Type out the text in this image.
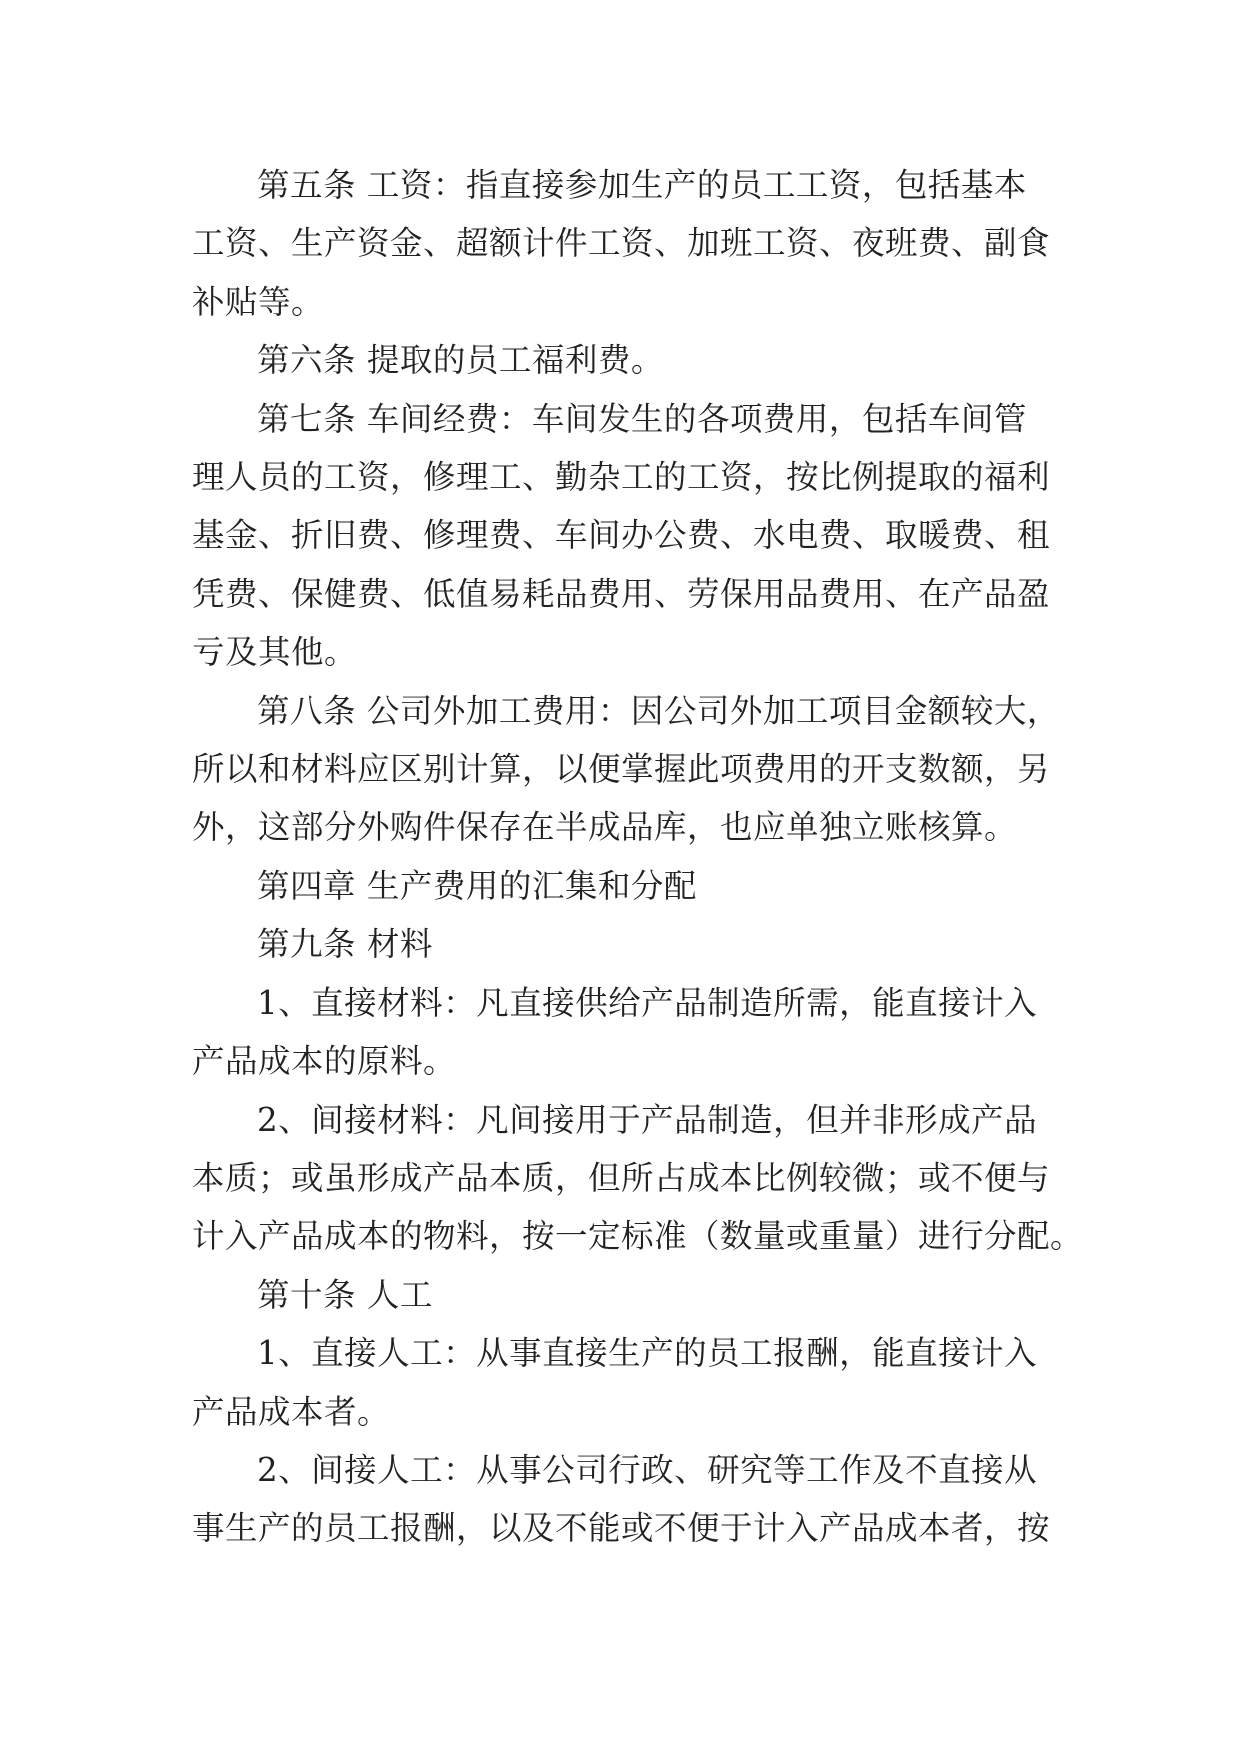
第五条 工资：指直接参加生产的员工工资，包括基本
工资、生产资金、超额计件工资、加班工资、夜班费、副食
补贴等。
第六条 提取的员工福利费。
第七条 车间经费：车间发生的各项费用，包括车间管
理人员的工资，修理工、勤杂工的工资，按比例提取的福利
基金、折旧费、修理费、车间办公费、水电费、取暖费、租
凭费、保健费、低值易耗品费用、劳保用品费用、在产品盈
亏及其他。
第八条 公司外加工费用：因公司外加工项目金额较大，
所以和材料应区别计算，以便掌握此项费用的开支数额，另
外，这部分外购件保存在半成品库，也应单独立账核算。
第四章 生产费用的汇集和分配
第九条 材料
1、直接材料：凡直接供给产品制造所需，能直接计入
产品成本的原料。
2、间接材料：凡间接用于产品制造，但并非形成产品
本质；或虽形成产品本质，但所占成本比例较微；或不便与
计入产品成本的物料，按一定标准（数量或重量）进行分配。
第十条 人工
1、直接人工：从事直接生产的员工报酬，能直接计入
产品成本者。
2、间接人工：从事公司行政、研究等工作及不直接从
事生产的员工报酬，以及不能或不便于计入产品成本者，按
